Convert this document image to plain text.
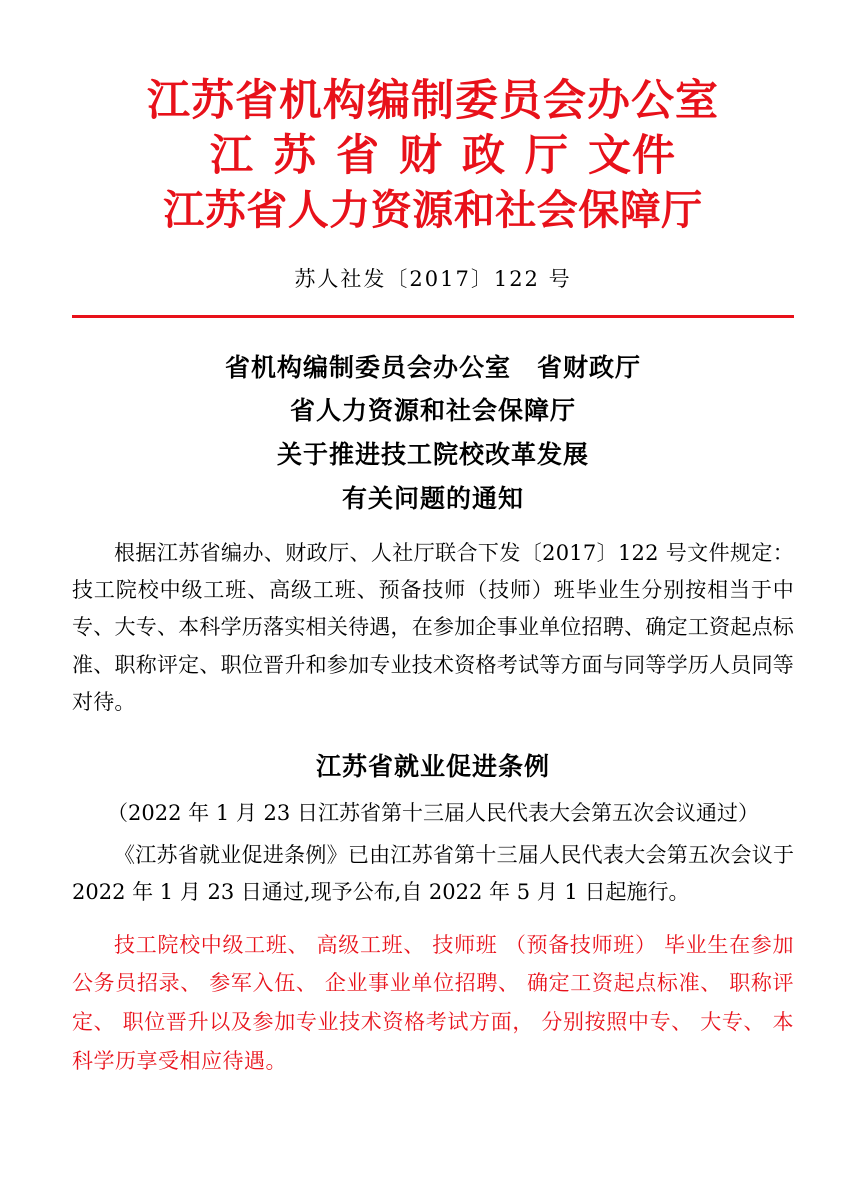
江苏省机构编制委员会办公室
江苏省财政厅文件
江苏省人力资源和社会保障厅
苏人社发〔2017〕122 号
省机构编制委员会办公室　省财政厅
省人力资源和社会保障厅
关于推进技工院校改革发展
有关问题的通知
根据江苏省编办、财政厅、人社厅联合下发〔2017〕122 号文件规定：技工院校中级工班、高级工班、预备技师（技师）班毕业生分别按相当于中专、大专、本科学历落实相关待遇，在参加企事业单位招聘、确定工资起点标准、职称评定、职位晋升和参加专业技术资格考试等方面与同等学历人员同等对待。
江苏省就业促进条例
（2022 年 1 月 23 日江苏省第十三届人民代表大会第五次会议通过）
《江苏省就业促进条例》已由江苏省第十三届人民代表大会第五次会议于 2022 年 1 月 23 日通过,现予公布,自 2022 年 5 月 1 日起施行。
技工院校中级工班、 高级工班、 技师班 （预备技师班） 毕业生在参加公务员招录、 参军入伍、 企业事业单位招聘、 确定工资起点标准、 职称评定、 职位晋升以及参加专业技术资格考试方面， 分别按照中专、 大专、 本科学历享受相应待遇。
